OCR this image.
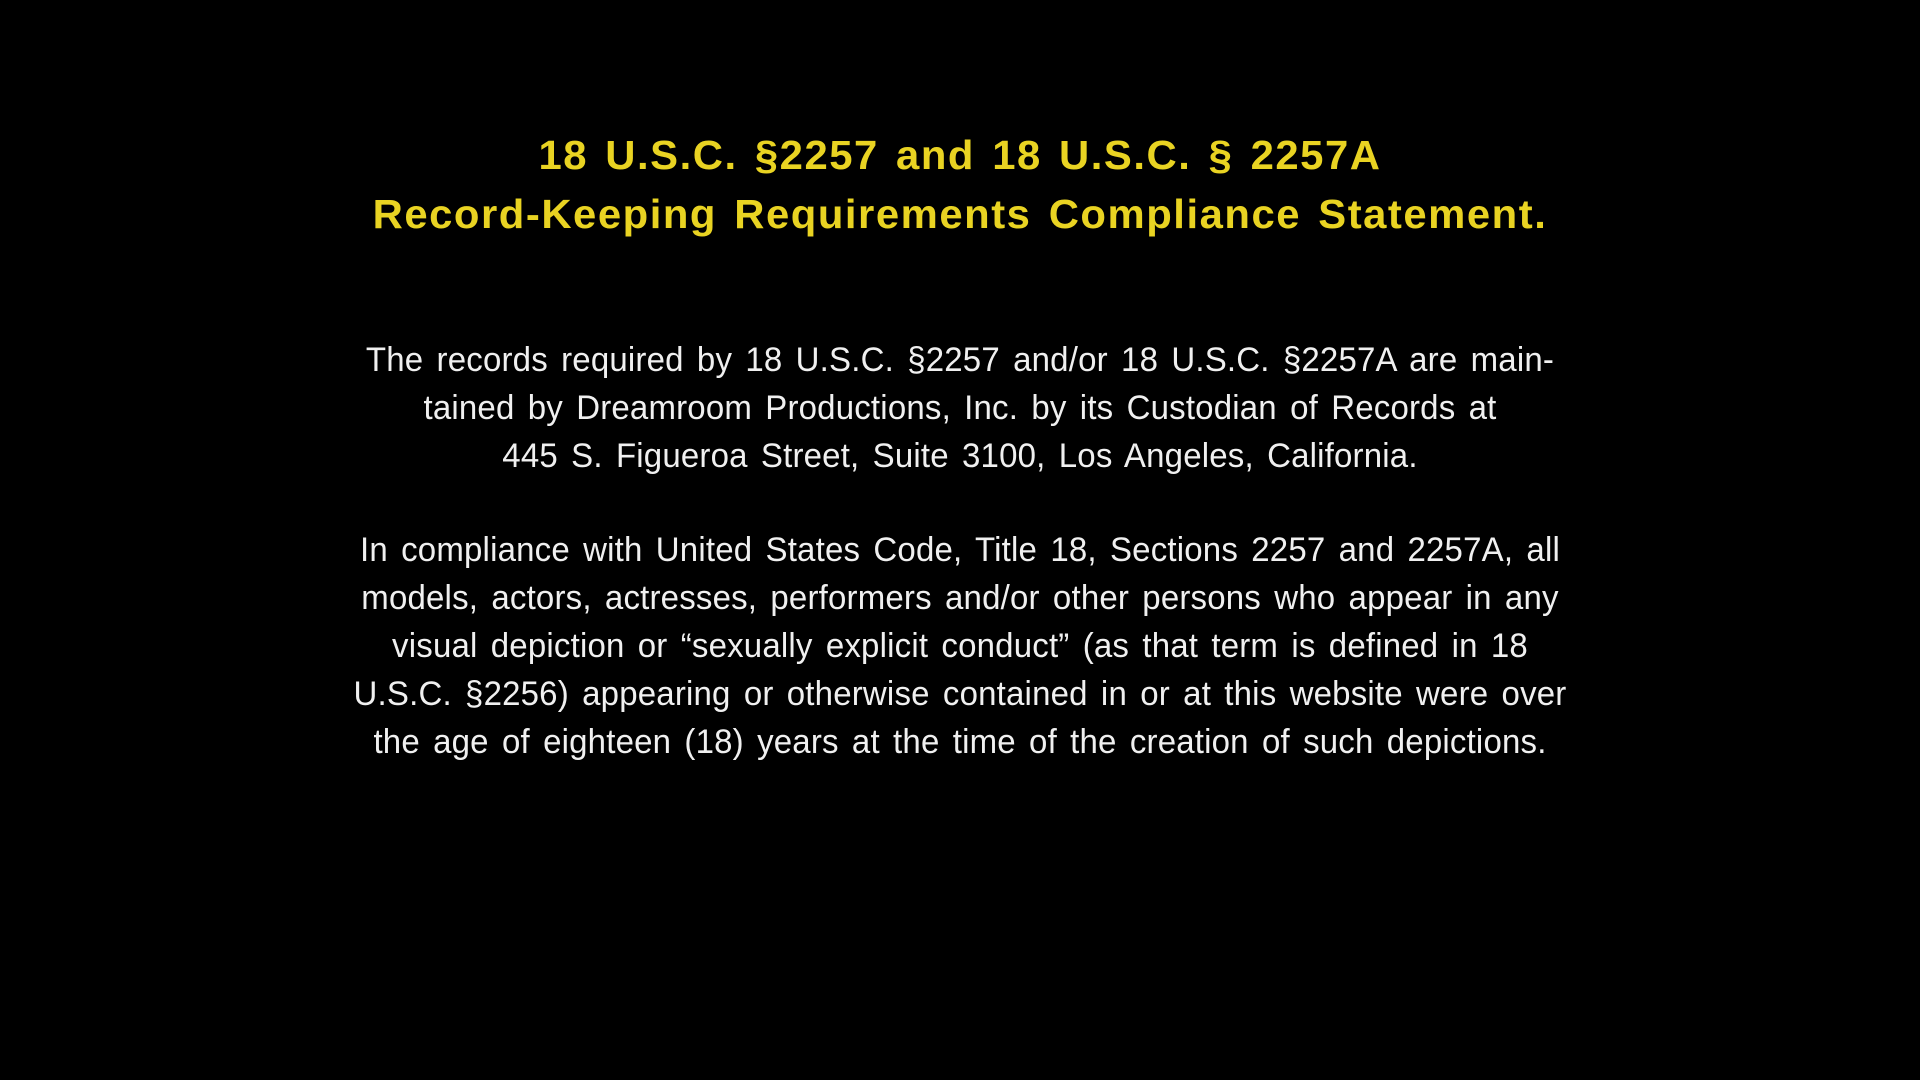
18 U.S.C. §2257 and 18 U.S.C. § 2257A
Record-Keeping Requirements Compliance Statement.
The records required by 18 U.S.C. §2257 and/or 18 U.S.C. §2257A are main-
tained by Dreamroom Productions, Inc. by its Custodian of Records at
445 S. Figueroa Street, Suite 3100, Los Angeles, California.
In compliance with United States Code, Title 18, Sections 2257 and 2257A, all
models, actors, actresses, performers and/or other persons who appear in any
visual depiction or “sexually explicit conduct” (as that term is defined in 18
U.S.C. §2256) appearing or otherwise contained in or at this website were over
the age of eighteen (18) years at the time of the creation of such depictions.
